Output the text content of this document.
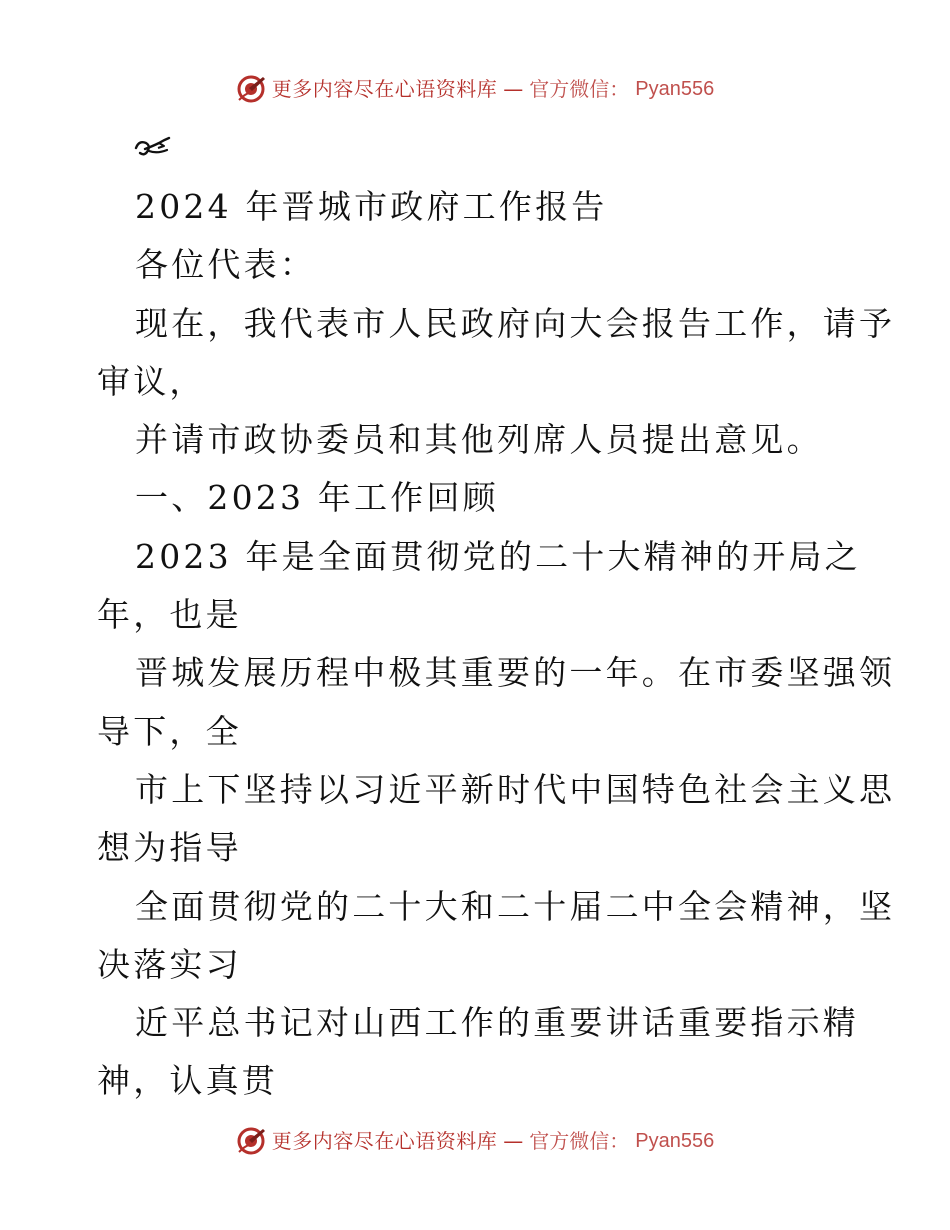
更多内容尽在心语资料库 — 官方微信： Pyan556
2024 年晋城市政府工作报告
各位代表：
现在，我代表市人民政府向大会报告工作，请予
审议，
并请市政协委员和其他列席人员提出意见。
一、2023 年工作回顾
2023 年是全面贯彻党的二十大精神的开局之
年，也是
晋城发展历程中极其重要的一年。在市委坚强领
导下，全
市上下坚持以习近平新时代中国特色社会主义思
想为指导
全面贯彻党的二十大和二十届二中全会精神，坚
决落实习
近平总书记对山西工作的重要讲话重要指示精
神，认真贯
更多内容尽在心语资料库 — 官方微信： Pyan556
